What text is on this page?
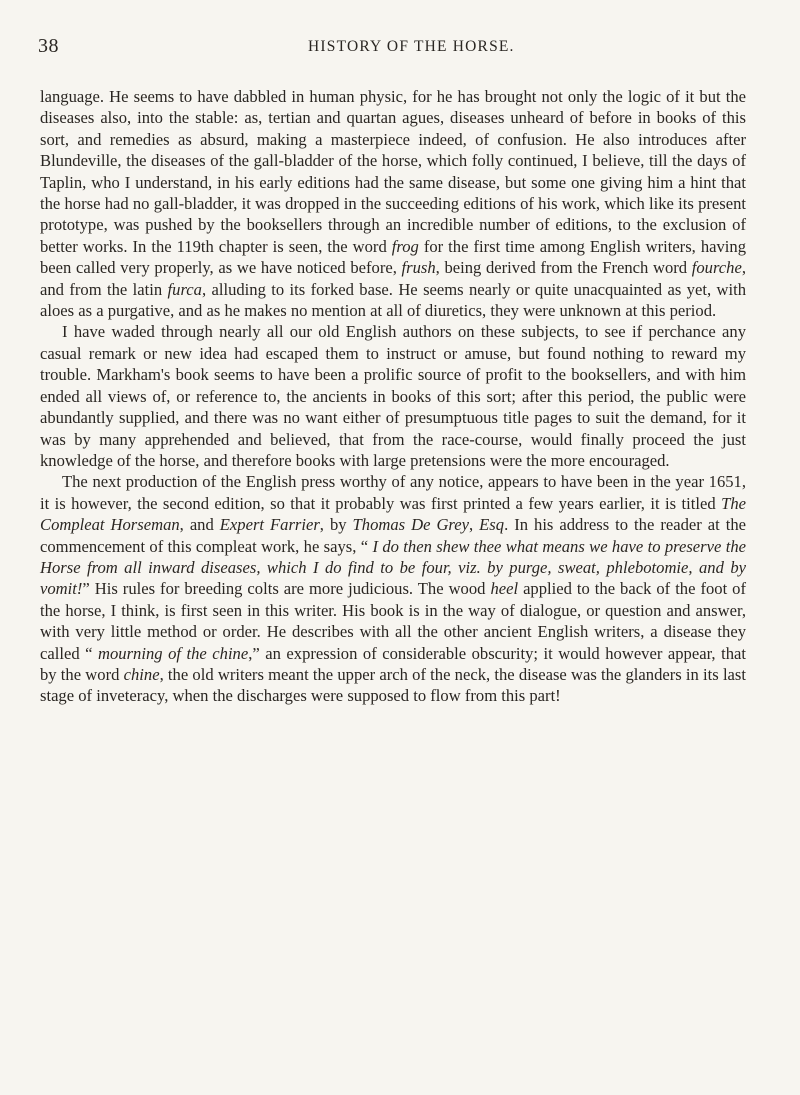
38	HISTORY OF THE HORSE.

language. He seems to have dabbled in human physic, for he has brought not only the logic of it but the diseases also, into the stable: as, tertian and quartan agues, diseases unheard of before in books of this sort, and remedies as absurd, making a masterpiece indeed, of confusion. He also introduces after Blundeville, the diseases of the gall-bladder of the horse, which folly continued, I believe, till the days of Taplin, who I understand, in his early editions had the same disease, but some one giving him a hint that the horse had no gall-bladder, it was dropped in the succeeding editions of his work, which like its present prototype, was pushed by the booksellers through an incredible number of editions, to the exclusion of better works. In the 119th chapter is seen, the word frog for the first time among English writers, having been called very properly, as we have noticed before, frush, being derived from the French word fourche, and from the latin furca, alluding to its forked base. He seems nearly or quite unacquainted as yet, with aloes as a purgative, and as he makes no mention at all of diuretics, they were unknown at this period.

I have waded through nearly all our old English authors on these subjects, to see if perchance any casual remark or new idea had escaped them to instruct or amuse, but found nothing to reward my trouble. Markham's book seems to have been a prolific source of profit to the booksellers, and with him ended all views of, or reference to, the ancients in books of this sort; after this period, the public were abundantly supplied, and there was no want either of presumptuous title pages to suit the demand, for it was by many apprehended and believed, that from the race-course, would finally proceed the just knowledge of the horse, and therefore books with large pretensions were the more encouraged.

The next production of the English press worthy of any notice, appears to have been in the year 1651, it is however, the second edition, so that it probably was first printed a few years earlier, it is titled The Compleat Horseman, and Expert Farrier, by Thomas De Grey, Esq. In his address to the reader at the commencement of this compleat work, he says, “ I do then shew thee what means we have to preserve the Horse from all inward diseases, which I do find to be four, viz. by purge, sweat, phlebotomie, and by vomit!” His rules for breeding colts are more judicious. The wood heel applied to the back of the foot of the horse, I think, is first seen in this writer. His book is in the way of dialogue, or question and answer, with very little method or order. He describes with all the other ancient English writers, a disease they called “ mourning of the chine,” an expression of considerable obscurity; it would however appear, that by the word chine, the old writers meant the upper arch of the neck, the disease was the glanders in its last stage of inveteracy, when the discharges were supposed to flow from this part!
